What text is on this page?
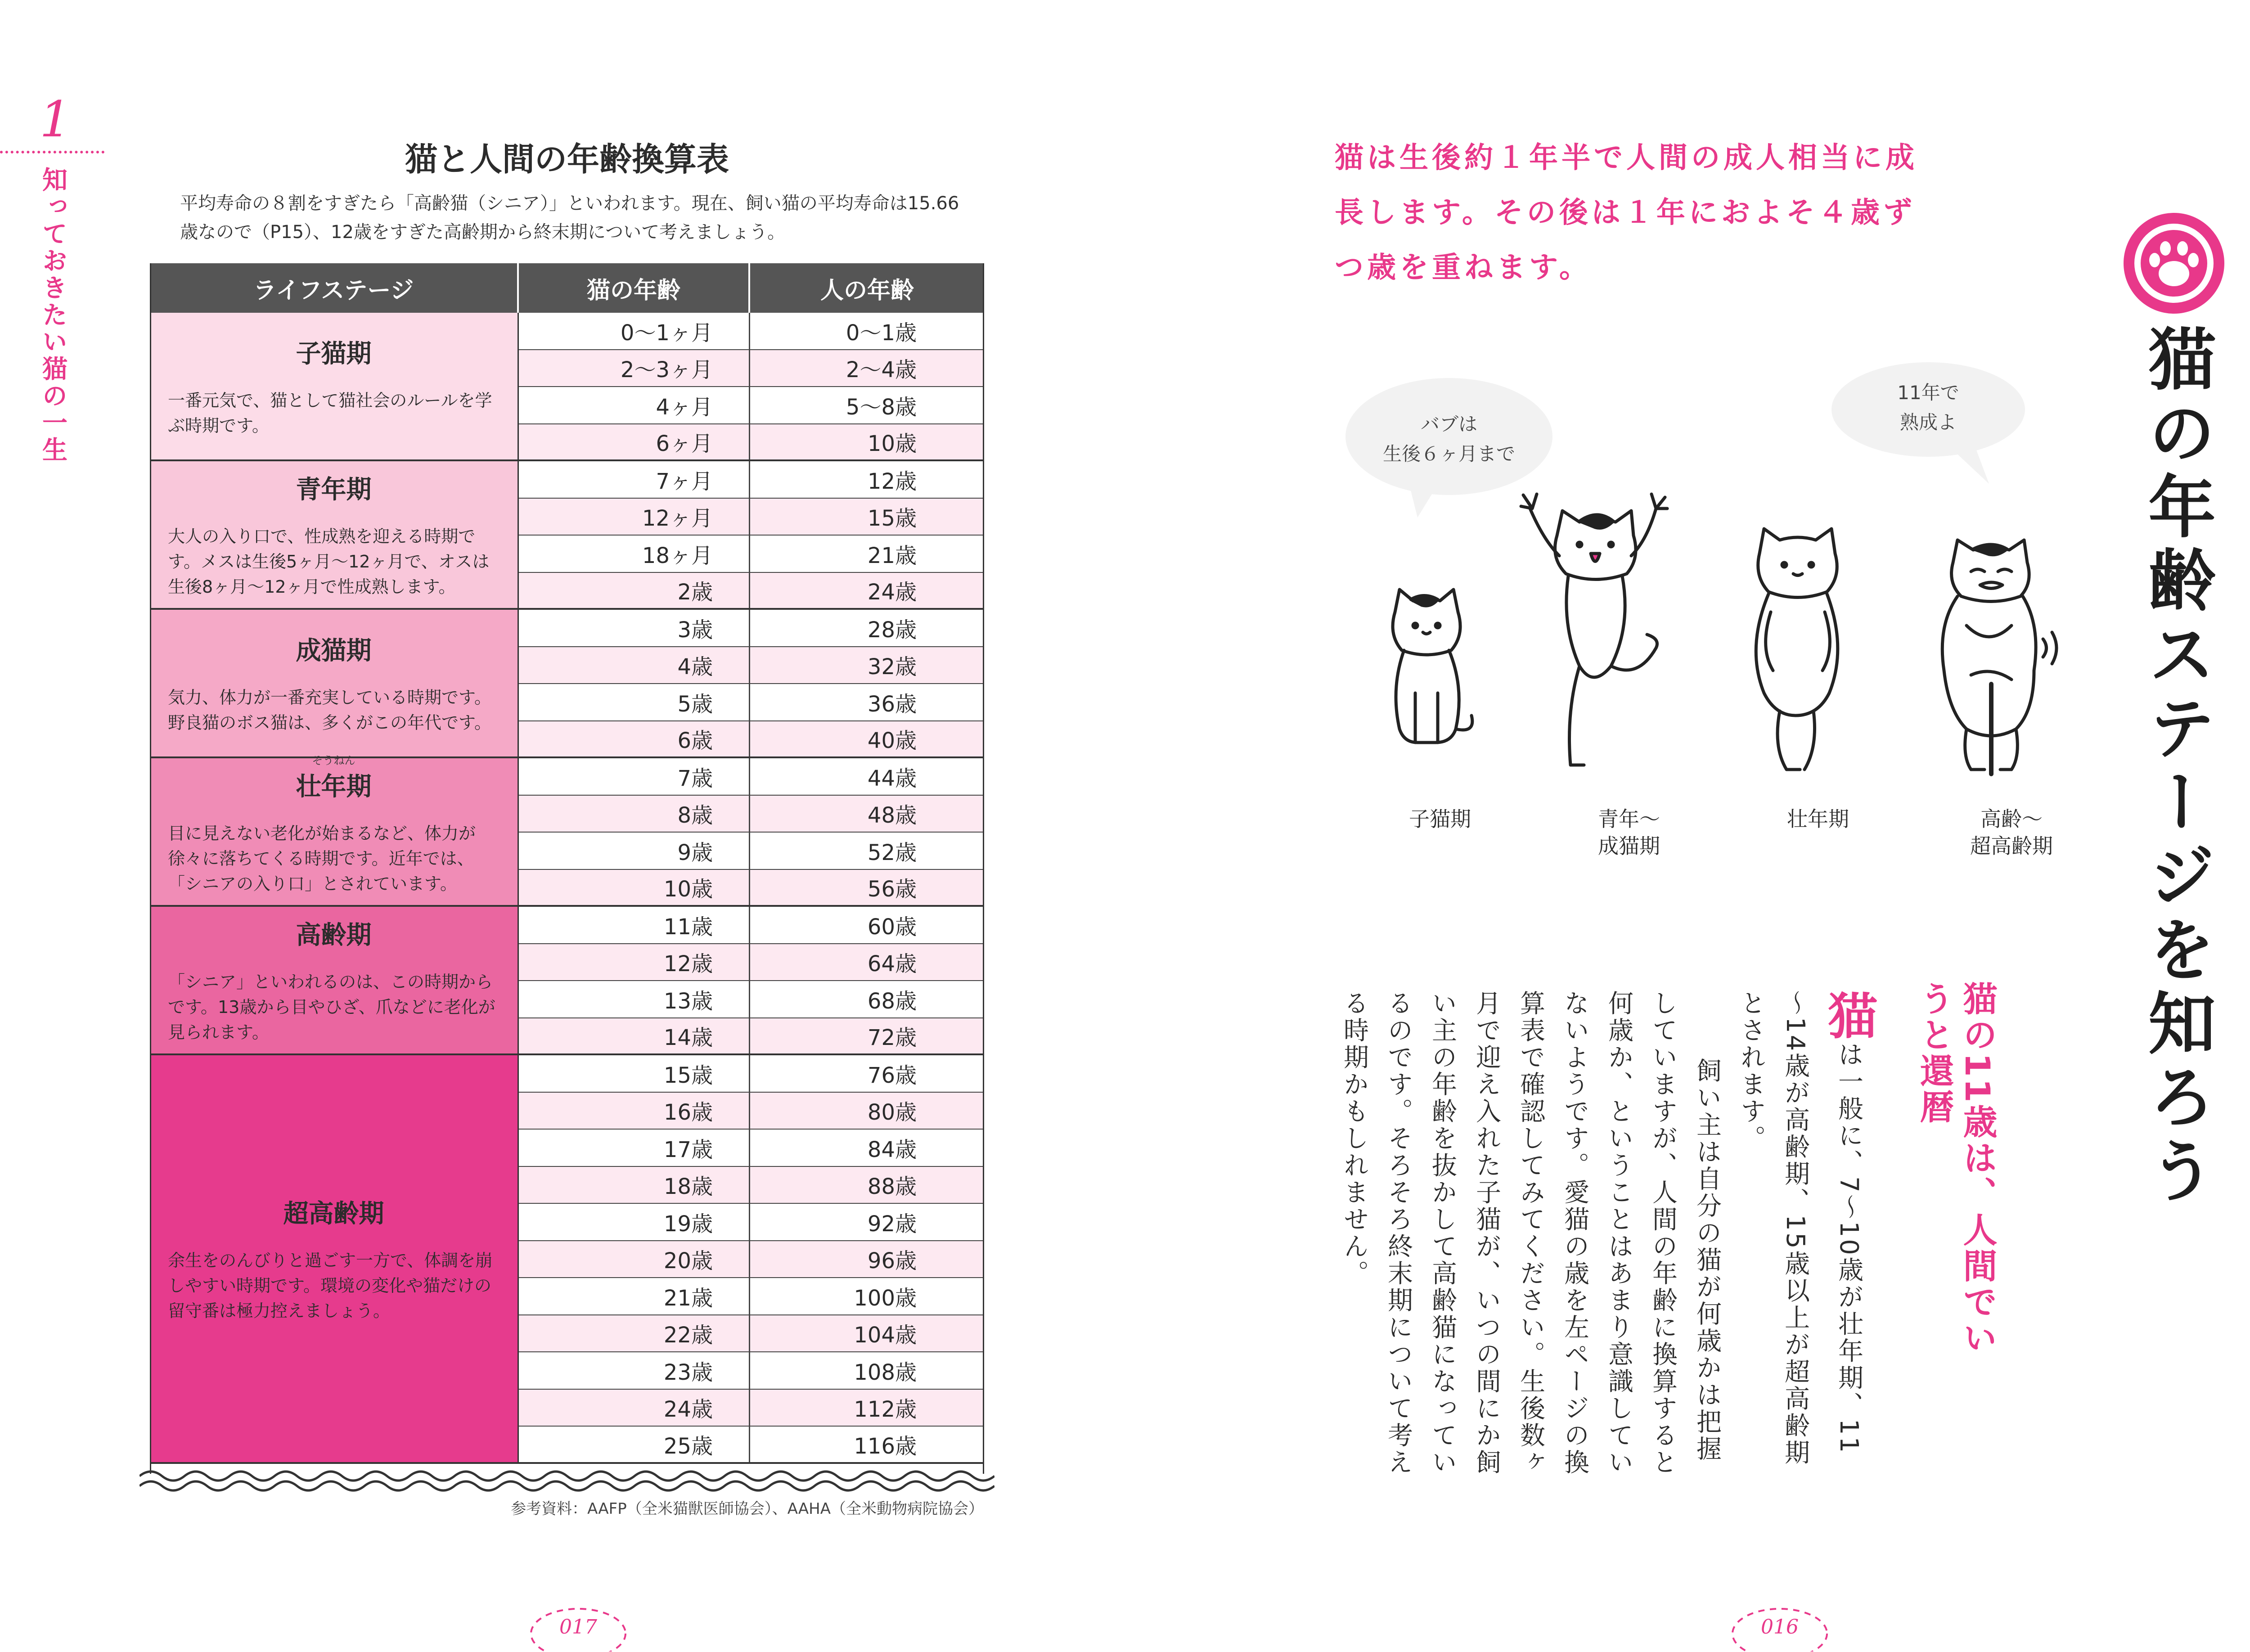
1
知っておきたい猫の一生
猫と人間の年齢換算表
平均寿命の８割をすぎたら「高齢猫（シニア）」といわれます。現在、飼い猫の平均寿命は15.66歳なので（P15）、12歳をすぎた高齢期から終末期について考えましょう。
ライフステージ	猫の年齢	人の年齢
子猫期
一番元気で、猫として猫社会のルールを学ぶ時期です。
0～1ヶ月	0～1歳
2～3ヶ月	2～4歳
4ヶ月	5～8歳
6ヶ月	10歳
青年期
大人の入り口で、性成熟を迎える時期です。メスは生後5ヶ月～12ヶ月で、オスは生後8ヶ月～12ヶ月で性成熟します。
7ヶ月	12歳
12ヶ月	15歳
18ヶ月	21歳
2歳	24歳
成猫期
気力、体力が一番充実している時期です。野良猫のボス猫は、多くがこの年代です。
3歳	28歳
4歳	32歳
5歳	36歳
6歳	40歳
壮年期
そうねん
目に見えない老化が始まるなど、体力が徐々に落ちてくる時期です。近年では、「シニアの入り口」とされています。
7歳	44歳
8歳	48歳
9歳	52歳
10歳	56歳
高齢期
「シニア」といわれるのは、この時期からです。13歳から目やひざ、爪などに老化が見られます。
11歳	60歳
12歳	64歳
13歳	68歳
14歳	72歳
超高齢期
余生をのんびりと過ごす一方で、体調を崩しやすい時期です。環境の変化や猫だけの留守番は極力控えましょう。
15歳	76歳
16歳	80歳
17歳	84歳
18歳	88歳
19歳	92歳
20歳	96歳
21歳	100歳
22歳	104歳
23歳	108歳
24歳	112歳
25歳	116歳
参考資料：AAFP（全米猫獣医師協会）、AAHA（全米動物病院協会）
017
猫は生後約１年半で人間の成人相当に成長します。その後は１年におよそ４歳ずつ歳を重ねます。
猫の年齢ステージを知ろう
バブは
生後６ヶ月まで
11年で
熟成よ
子猫期	青年～
成猫期
壮年期	高齢～
超高齢期
猫の11歳は、人間でいうと還暦
猫は一般に、7～10歳が壮年期、11～14歳が高齢期、15歳以上が超高齢期とされます。
飼い主は自分の猫が何歳かは把握していますが、人間の年齢に換算すると何歳か、ということはあまり意識していないようです。愛猫の歳を左ページの換算表で確認してみてください。生後数ヶ月で迎え入れた子猫が、いつの間にか飼い主の年齢を抜かして高齢猫になっているのです。そろそろ終末期について考える時期かもしれません。
016
